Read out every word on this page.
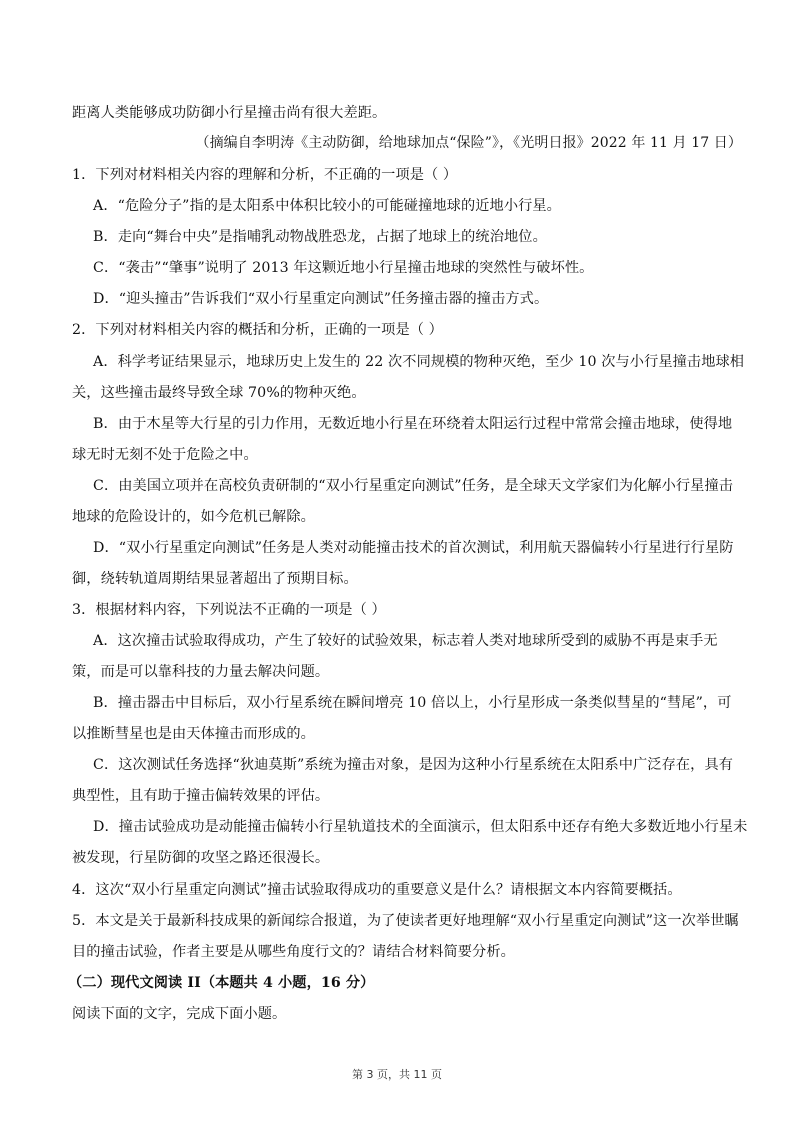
距离人类能够成功防御小行星撞击尚有很大差距。
（摘编自李明涛《主动防御，给地球加点“保险”》，《光明日报》2022 年 11 月 17 日）
1．下列对材料相关内容的理解和分析，不正确的一项是（ ）
A．“危险分子”指的是太阳系中体积比较小的可能碰撞地球的近地小行星。
B．走向“舞台中央”是指哺乳动物战胜恐龙，占据了地球上的统治地位。
C．“袭击”“肇事”说明了 2013 年这颗近地小行星撞击地球的突然性与破坏性。
D．“迎头撞击”告诉我们“双小行星重定向测试”任务撞击器的撞击方式。
2．下列对材料相关内容的概括和分析，正确的一项是（ ）
A．科学考证结果显示，地球历史上发生的 22 次不同规模的物种灭绝，至少 10 次与小行星撞击地球相
关，这些撞击最终导致全球 70%的物种灭绝。
B．由于木星等大行星的引力作用，无数近地小行星在环绕着太阳运行过程中常常会撞击地球，使得地
球无时无刻不处于危险之中。
C．由美国立项并在高校负责研制的“双小行星重定向测试”任务，是全球天文学家们为化解小行星撞击
地球的危险设计的，如今危机已解除。
D．“双小行星重定向测试”任务是人类对动能撞击技术的首次测试，利用航天器偏转小行星进行行星防
御，绕转轨道周期结果显著超出了预期目标。
3．根据材料内容，下列说法不正确的一项是（ ）
A．这次撞击试验取得成功，产生了较好的试验效果，标志着人类对地球所受到的威胁不再是束手无
策，而是可以靠科技的力量去解决问题。
B．撞击器击中目标后，双小行星系统在瞬间增亮 10 倍以上，小行星形成一条类似彗星的“彗尾”，可
以推断彗星也是由天体撞击而形成的。
C．这次测试任务选择“狄迪莫斯”系统为撞击对象，是因为这种小行星系统在太阳系中广泛存在，具有
典型性，且有助于撞击偏转效果的评估。
D．撞击试验成功是动能撞击偏转小行星轨道技术的全面演示，但太阳系中还存有绝大多数近地小行星未
被发现，行星防御的攻坚之路还很漫长。
4．这次“双小行星重定向测试”撞击试验取得成功的重要意义是什么？请根据文本内容简要概括。
5．本文是关于最新科技成果的新闻综合报道，为了使读者更好地理解“双小行星重定向测试”这一次举世瞩
目的撞击试验，作者主要是从哪些角度行文的？请结合材料简要分析。
（二）现代文阅读 II（本题共 4 小题，16 分）
阅读下面的文字，完成下面小题。
第 3 页，共 11 页
